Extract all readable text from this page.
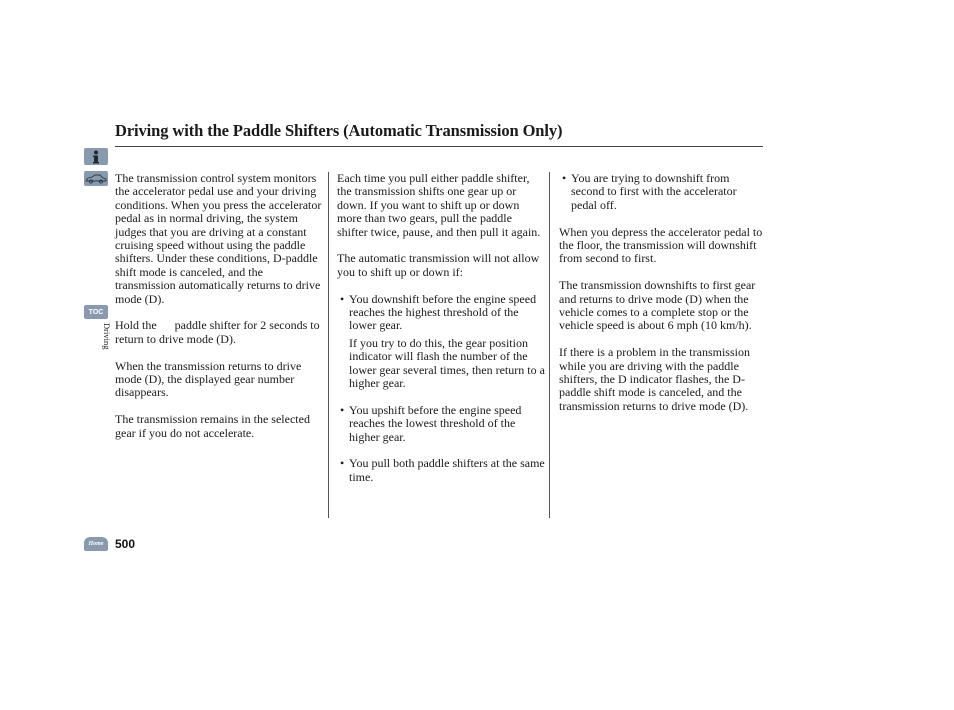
Driving with the Paddle Shifters (Automatic Transmission Only)
TOC
Driving
Home 500

The transmission control system monitors the accelerator pedal use and your driving conditions. When you press the accelerator pedal as in normal driving, the system judges that you are driving at a constant cruising speed without using the paddle shifters. Under these conditions, D-paddle shift mode is canceled, and the transmission automatically returns to drive mode (D).

Hold the paddle shifter for 2 seconds to return to drive mode (D).

When the transmission returns to drive mode (D), the displayed gear number disappears.

The transmission remains in the selected gear if you do not accelerate.

Each time you pull either paddle shifter, the transmission shifts one gear up or down. If you want to shift up or down more than two gears, pull the paddle shifter twice, pause, and then pull it again.

The automatic transmission will not allow you to shift up or down if:

• You downshift before the engine speed reaches the highest threshold of the lower gear.

If you try to do this, the gear position indicator will flash the number of the lower gear several times, then return to a higher gear.

• You upshift before the engine speed reaches the lowest threshold of the higher gear.

• You pull both paddle shifters at the same time.

• You are trying to downshift from second to first with the accelerator pedal off.

When you depress the accelerator pedal to the floor, the transmission will downshift from second to first.

The transmission downshifts to first gear and returns to drive mode (D) when the vehicle comes to a complete stop or the vehicle speed is about 6 mph (10 km/h).

If there is a problem in the transmission while you are driving with the paddle shifters, the D indicator flashes, the D-paddle shift mode is canceled, and the transmission returns to drive mode (D).
